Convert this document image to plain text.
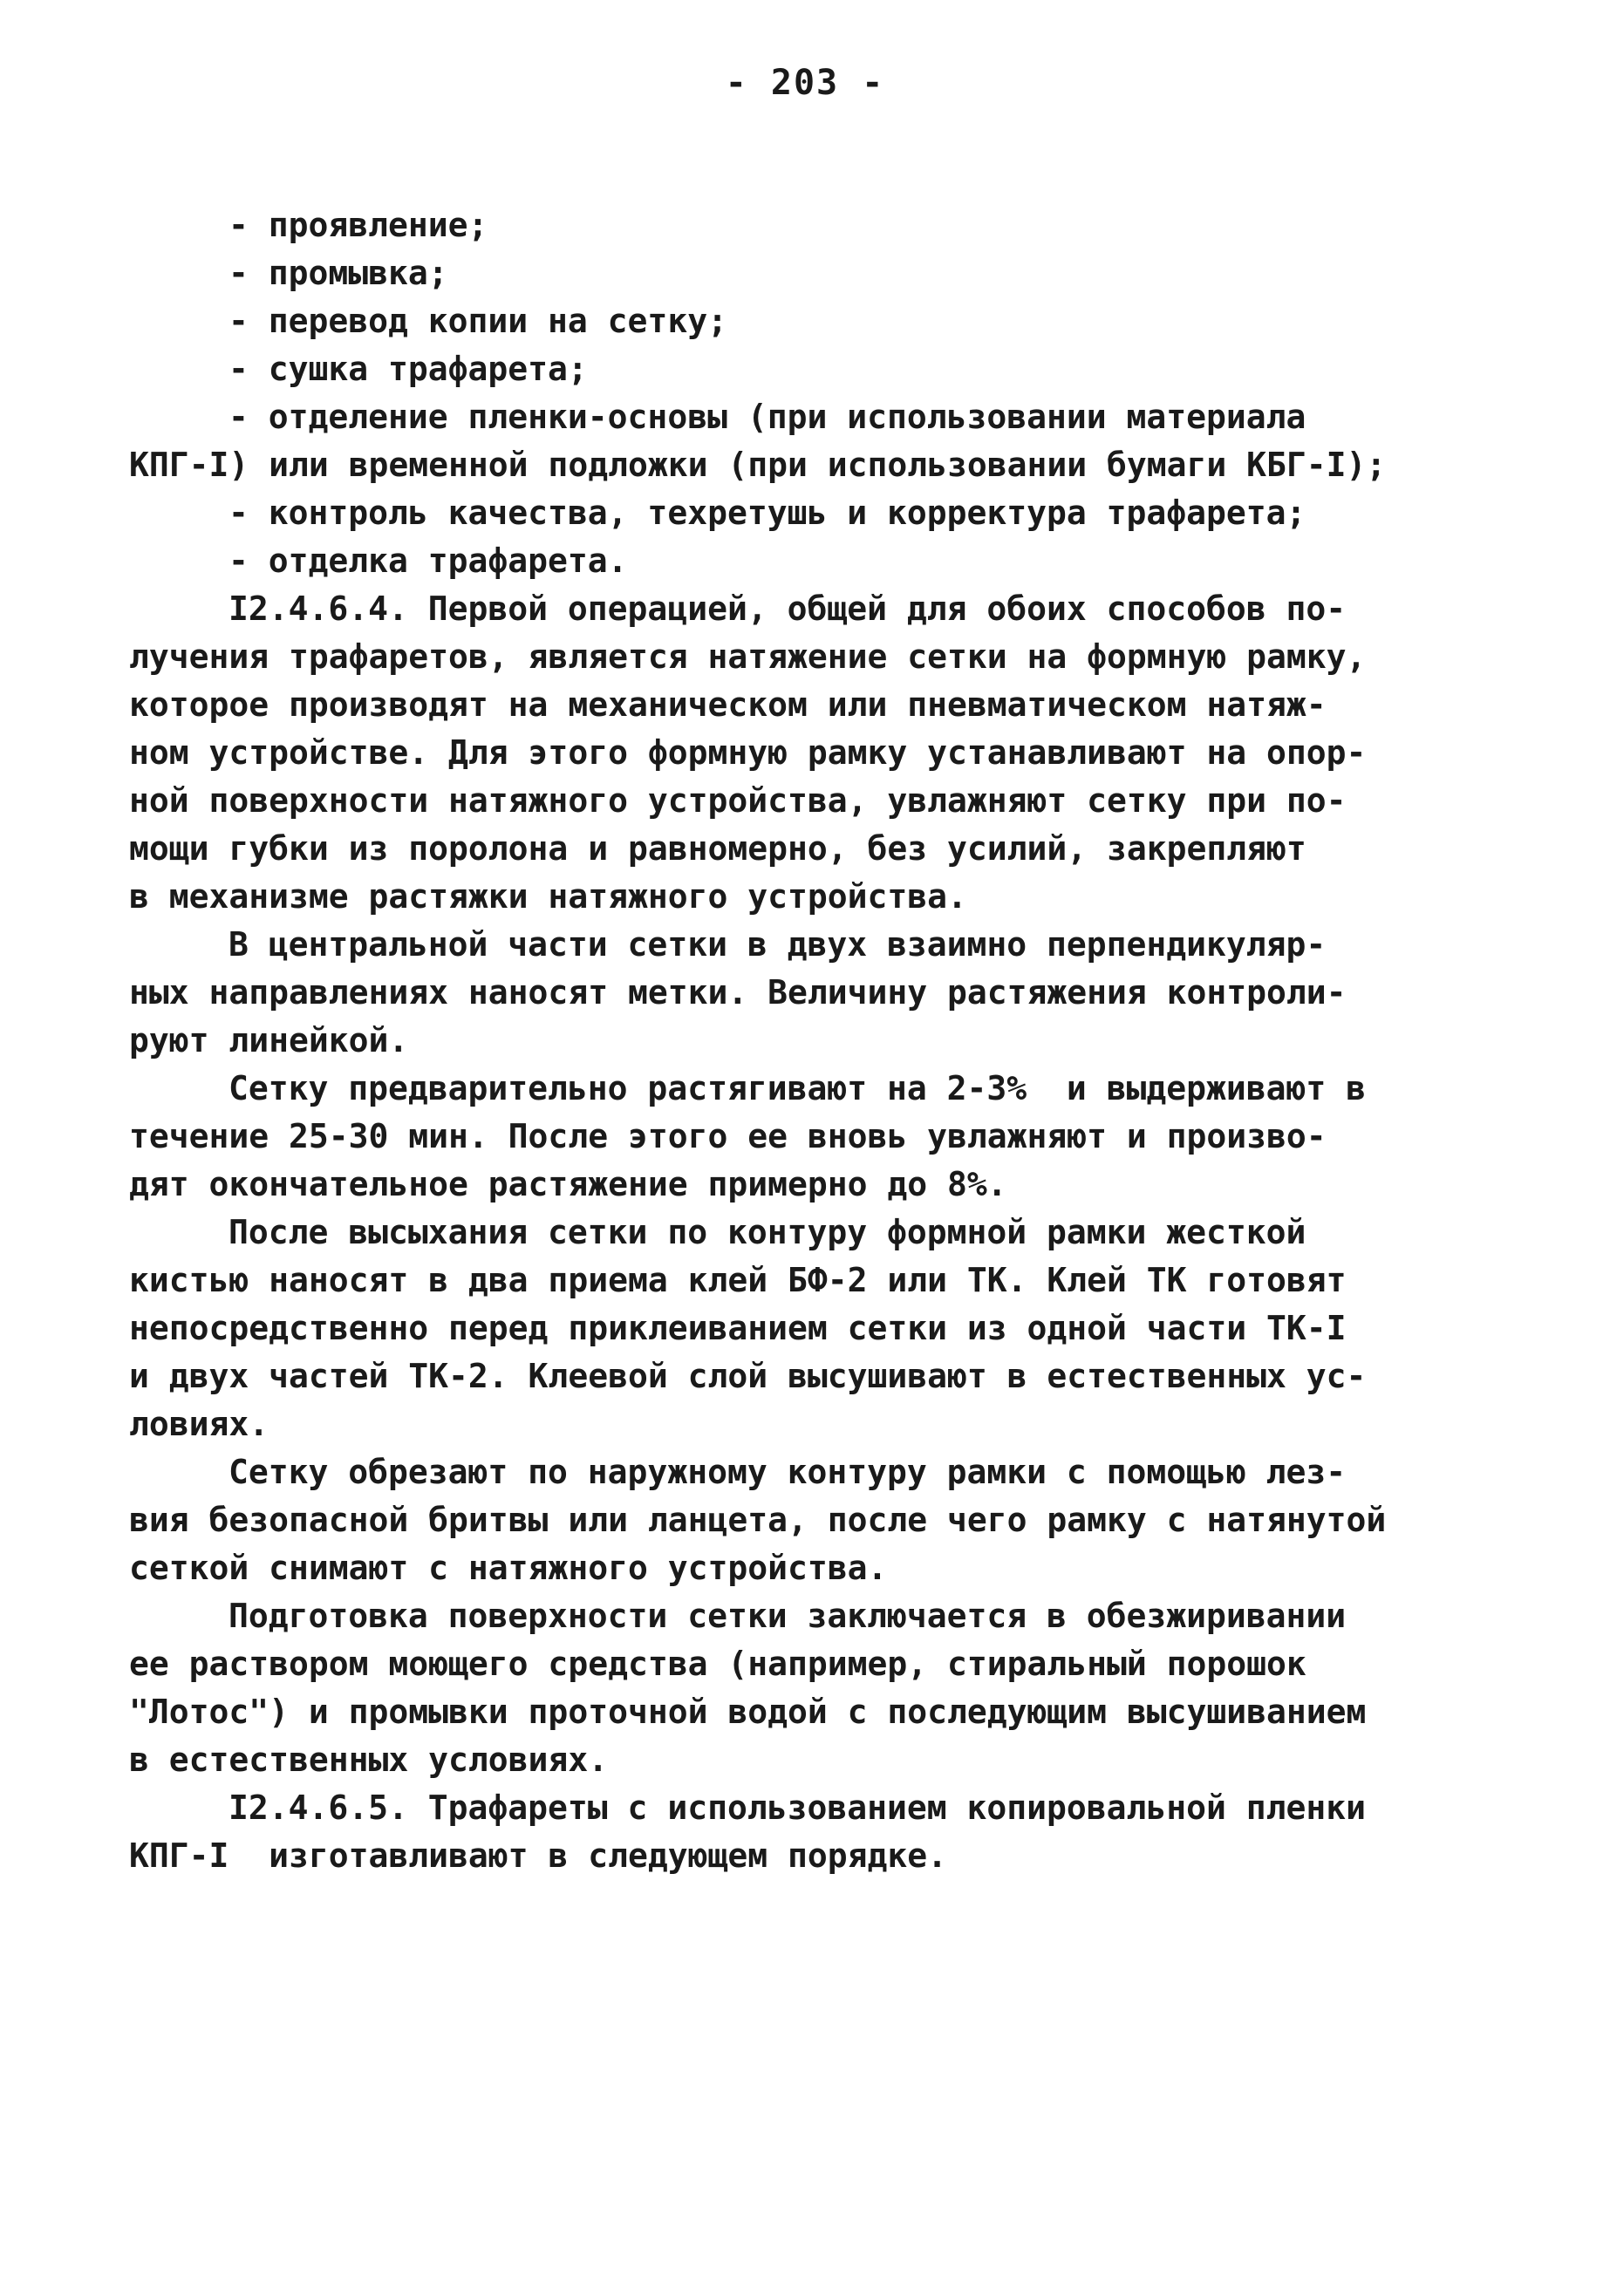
- 203 -
- проявление;
- промывка;
- перевод копии на сетку;
- сушка трафарета;
- отделение пленки-основы (при использовании материала
КПГ-I) или временной подложки (при использовании бумаги КБГ-I);
- контроль качества, техретушь и корректура трафарета;
- отделка трафарета.
I2.4.6.4. Первой операцией, общей для обоих способов по-
лучения трафаретов, является натяжение сетки на формную рамку,
которое производят на механическом или пневматическом натяж-
ном устройстве. Для этого формную рамку устанавливают на опор-
ной поверхности натяжного устройства, увлажняют сетку при по-
мощи губки из поролона и равномерно, без усилий, закрепляют
в механизме растяжки натяжного устройства.
В центральной части сетки в двух взаимно перпендикуляр-
ных направлениях наносят метки. Величину растяжения контроли-
руют линейкой.
Сетку предварительно растягивают на 2-3%  и выдерживают в
течение 25-30 мин. После этого ее вновь увлажняют и произво-
дят окончательное растяжение примерно до 8%.
После высыхания сетки по контуру формной рамки жесткой
кистью наносят в два приема клей БФ-2 или ТК. Клей ТК готовят
непосредственно перед приклеиванием сетки из одной части ТК-I
и двух частей ТК-2. Клеевой слой высушивают в естественных ус-
ловиях.
Сетку обрезают по наружному контуру рамки с помощью лез-
вия безопасной бритвы или ланцета, после чего рамку с натянутой
сеткой снимают с натяжного устройства.
Подготовка поверхности сетки заключается в обезжиривании
ее раствором моющего средства (например, стиральный порошок
"Лотос") и промывки проточной водой с последующим высушиванием
в естественных условиях.
I2.4.6.5. Трафареты с использованием копировальной пленки
КПГ-I  изготавливают в следующем порядке.
